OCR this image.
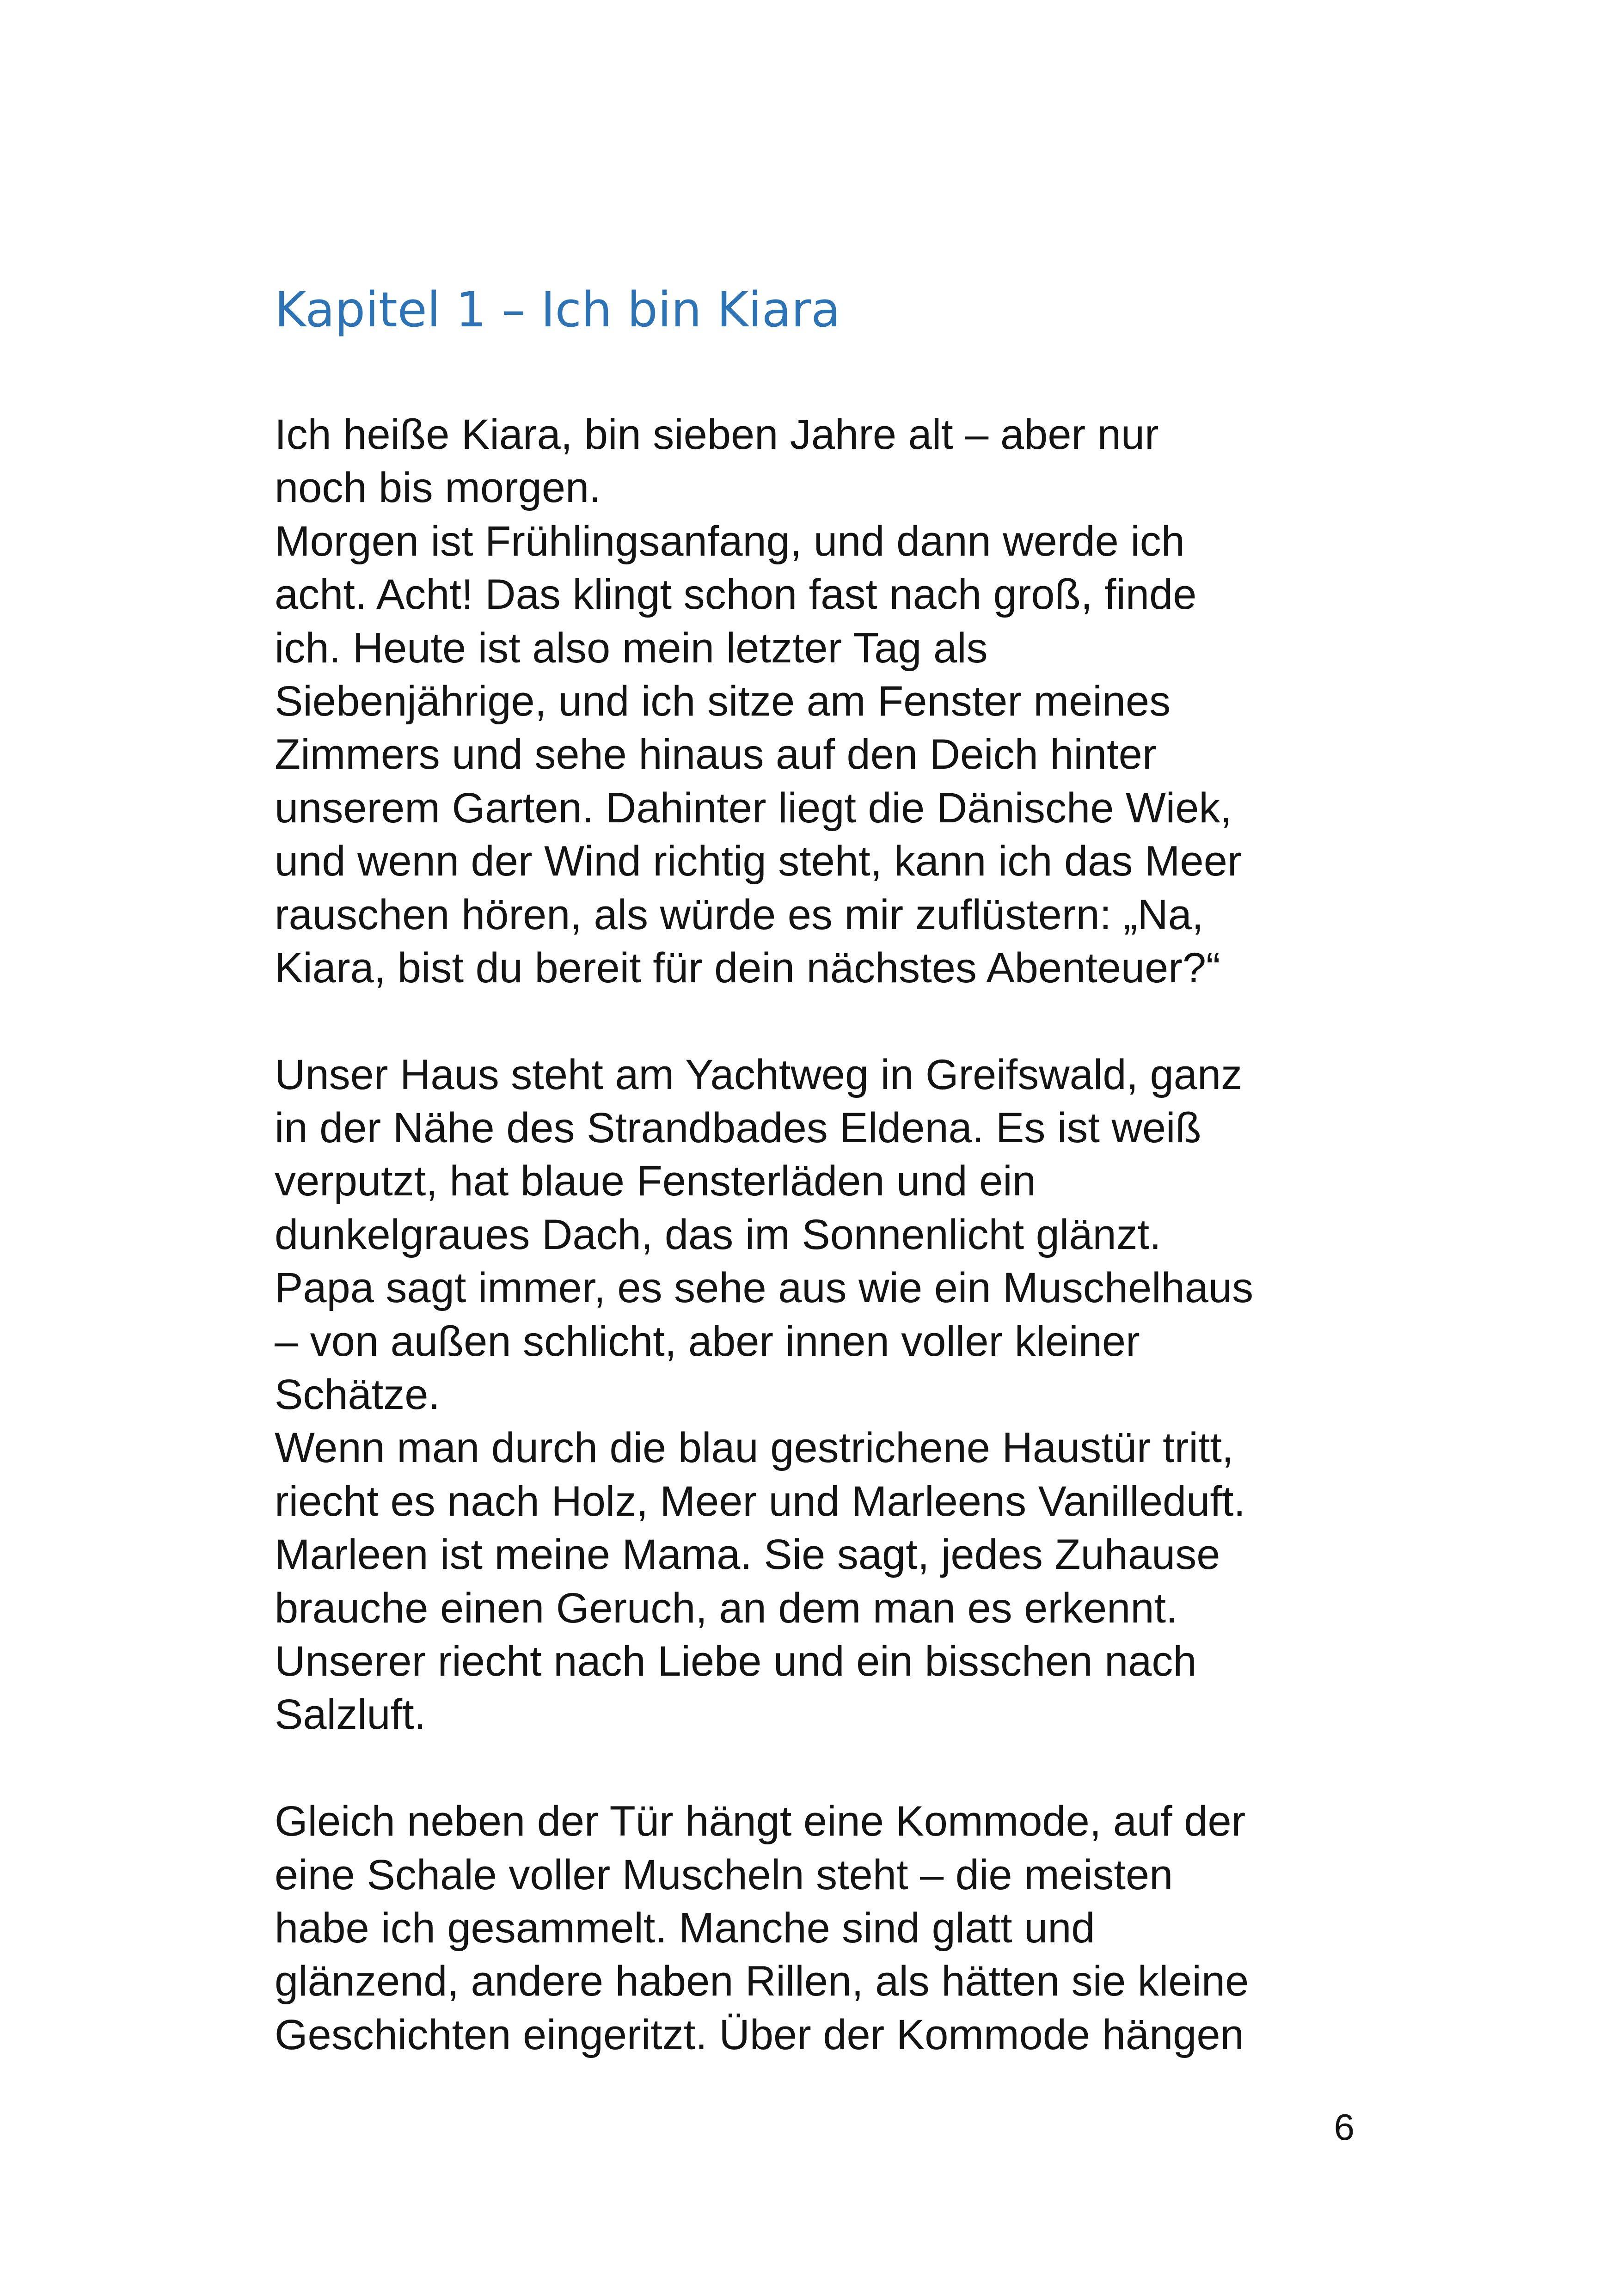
Kapitel 1 – Ich bin Kiara
Ich heiße Kiara, bin sieben Jahre alt – aber nur
noch bis morgen.
Morgen ist Frühlingsanfang, und dann werde ich
acht. Acht! Das klingt schon fast nach groß, finde
ich. Heute ist also mein letzter Tag als
Siebenjährige, und ich sitze am Fenster meines
Zimmers und sehe hinaus auf den Deich hinter
unserem Garten. Dahinter liegt die Dänische Wiek,
und wenn der Wind richtig steht, kann ich das Meer
rauschen hören, als würde es mir zuflüstern: „Na,
Kiara, bist du bereit für dein nächstes Abenteuer?“
Unser Haus steht am Yachtweg in Greifswald, ganz
in der Nähe des Strandbades Eldena. Es ist weiß
verputzt, hat blaue Fensterläden und ein
dunkelgraues Dach, das im Sonnenlicht glänzt.
Papa sagt immer, es sehe aus wie ein Muschelhaus
– von außen schlicht, aber innen voller kleiner
Schätze.
Wenn man durch die blau gestrichene Haustür tritt,
riecht es nach Holz, Meer und Marleens Vanilleduft.
Marleen ist meine Mama. Sie sagt, jedes Zuhause
brauche einen Geruch, an dem man es erkennt.
Unserer riecht nach Liebe und ein bisschen nach
Salzluft.
Gleich neben der Tür hängt eine Kommode, auf der
eine Schale voller Muscheln steht – die meisten
habe ich gesammelt. Manche sind glatt und
glänzend, andere haben Rillen, als hätten sie kleine
Geschichten eingeritzt. Über der Kommode hängen
6
